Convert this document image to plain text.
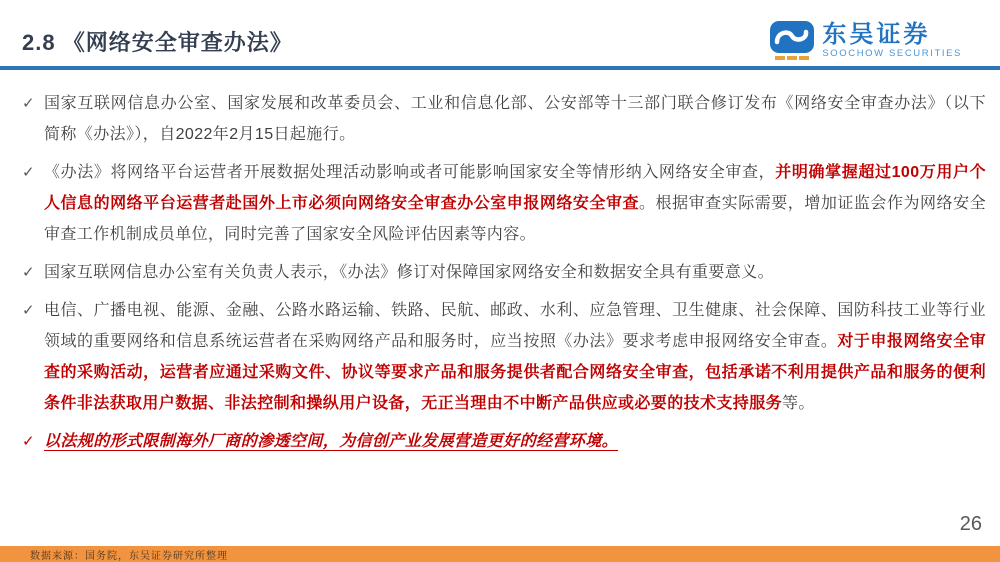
2.8 《网络安全审查办法》	东吴证券
SOOCHOW SECURITIES
✓ 国家互联网信息办公室、国家发展和改革委员会、工业和信息化部、公安部等十三部门联合修订发布《网络安全审查办法》（以下简称《办法》），自2022年2月15日起施行。
✓ 《办法》将网络平台运营者开展数据处理活动影响或者可能影响国家安全等情形纳入网络安全审查，并明确掌握超过100万用户个人信息的网络平台运营者赴国外上市必须向网络安全审查办公室申报网络安全审查。根据审查实际需要，增加证监会作为网络安全审查工作机制成员单位，同时完善了国家安全风险评估因素等内容。
✓ 国家互联网信息办公室有关负责人表示，《办法》修订对保障国家网络安全和数据安全具有重要意义。
✓ 电信、广播电视、能源、金融、公路水路运输、铁路、民航、邮政、水利、应急管理、卫生健康、社会保障、国防科技工业等行业领域的重要网络和信息系统运营者在采购网络产品和服务时，应当按照《办法》要求考虑申报网络安全审查。对于申报网络安全审查的采购活动，运营者应通过采购文件、协议等要求产品和服务提供者配合网络安全审查，包括承诺不利用提供产品和服务的便利条件非法获取用户数据、非法控制和操纵用户设备，无正当理由不中断产品供应或必要的技术支持服务等。
✓ 以法规的形式限制海外厂商的渗透空间，为信创产业发展营造更好的经营环境。
26
数据来源：国务院，东吴证券研究所整理
